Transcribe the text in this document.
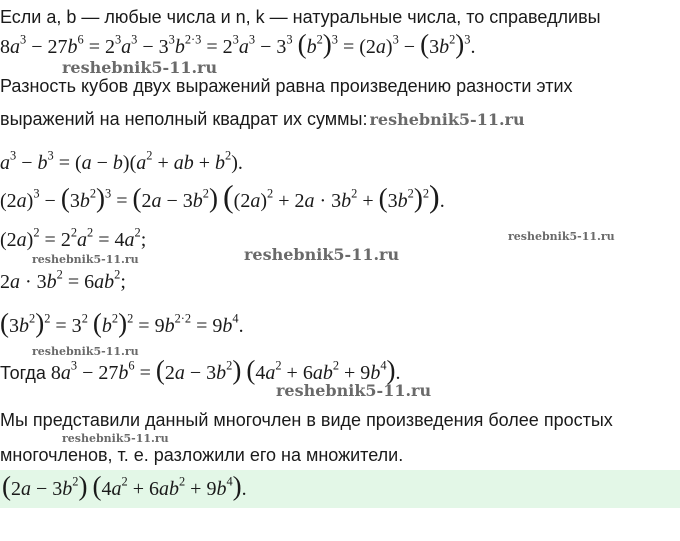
Если a, b — любые числа и n, k — натуральные числа, то справедливы
$8a^3 - 27b^6 = 2^3a^3 - 3^3b^{2\cdot 3} = 2^3a^3 - 3^3$ $(b^2)^3 = (2a)^3 - (3b^2)^3$.
reshebnik5-11.ru
Разность кубов двух выражений равна произведению разности этих
выражений на неполный квадрат их суммы: reshebnik5-11.ru
$a^3 - b^3 = (a - b)(a^2$ + ab + $b^2$).
$(2a)^3 - (3b^2)^3 = (2a - 3b^2) ((2a)^2 + 2a \cdot 3b^2 + (3b^2)^2)$.
$(2a)^2 = 2^2a^2 = 4a^2$;	reshebnik5-11.ru
reshebnik5-11.ru
reshebnik5-11.ru
$2a \cdot 3b^2 = 6ab^2$;
$(3b^2)^2 = 3^2$ $(b^2)^2 = 9b^{2\cdot 2} = 9b^4$.
reshebnik5-11.ru
Тогда $8a^3 - 27b^6 = (2a - 3b^2) (4a^2 + 6ab^2 + 9b^4)$.
reshebnik5-11.ru
Мы представили данный многочлен в виде произведения более простых
reshebnik5-11.ru
многочленов, т. е. разложили его на множители.
$(2a - 3b^2)$ $(4a^2 + 6ab^2 + 9b^4)$.
